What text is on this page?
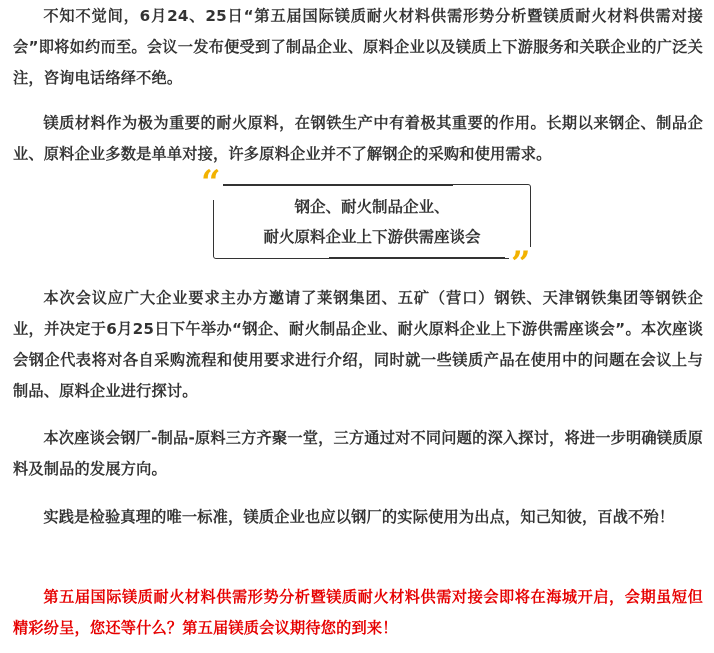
不知不觉间，6月24、25日“第五届国际镁质耐火材料供需形势分析暨镁质耐火材料供需对接会”即将如约而至。会议一发布便受到了制品企业、原料企业以及镁质上下游服务和关联企业的广泛关注，咨询电话络绎不绝。

镁质材料作为极为重要的耐火原料，在钢铁生产中有着极其重要的作用。长期以来钢企、制品企业、原料企业多数是单单对接，许多原料企业并不了解钢企的采购和使用需求。

“
”
钢企、耐火制品企业、
耐火原料企业上下游供需座谈会

本次会议应广大企业要求主办方邀请了莱钢集团、五矿（营口）钢铁、天津钢铁集团等钢铁企业，并决定于6月25日下午举办“钢企、耐火制品企业、耐火原料企业上下游供需座谈会”。本次座谈会钢企代表将对各自采购流程和使用要求进行介绍，同时就一些镁质产品在使用中的问题在会议上与制品、原料企业进行探讨。

本次座谈会钢厂-制品-原料三方齐聚一堂，三方通过对不同问题的深入探讨，将进一步明确镁质原料及制品的发展方向。

实践是检验真理的唯一标准，镁质企业也应以钢厂的实际使用为出点，知己知彼，百战不殆！

第五届国际镁质耐火材料供需形势分析暨镁质耐火材料供需对接会即将在海城开启，会期虽短但精彩纷呈，您还等什么？第五届镁质会议期待您的到来！
